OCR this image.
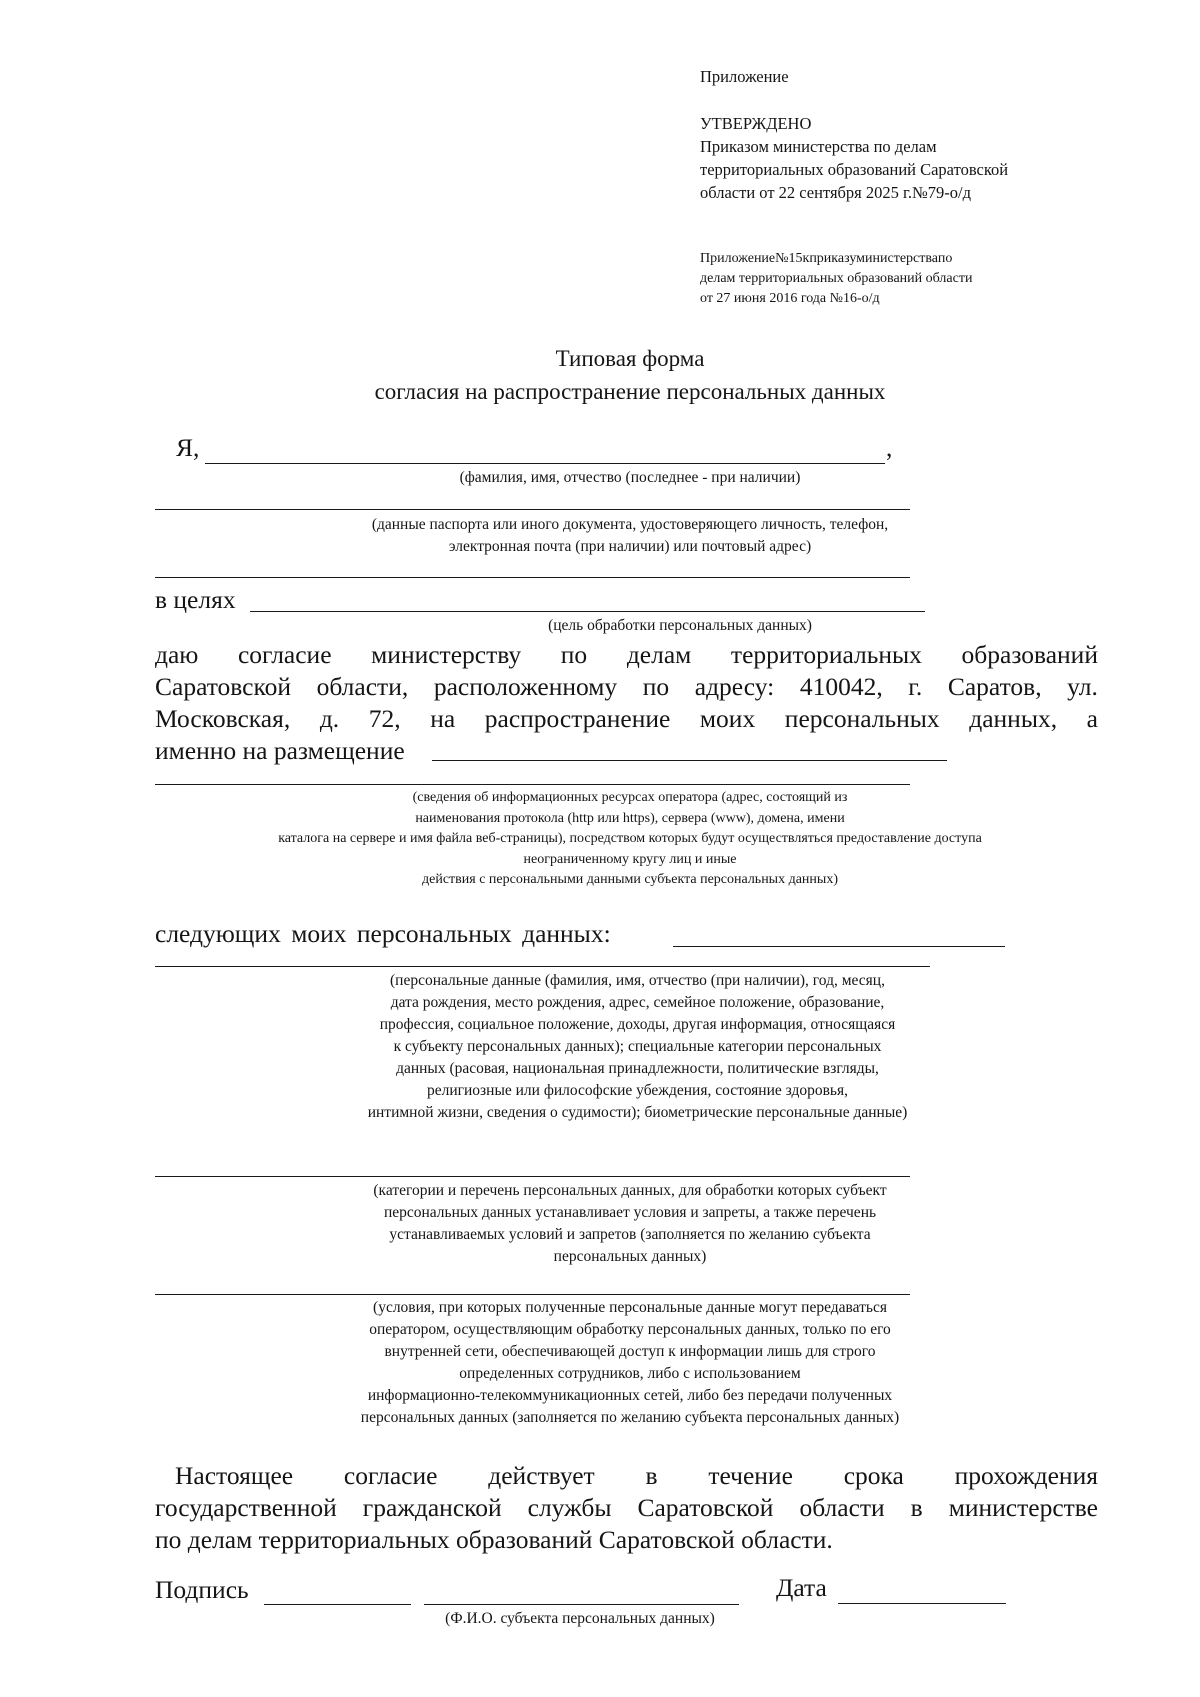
Приложение
УТВЕРЖДЕНО
Приказом министерства по делам
территориальных образований Саратовской
области от 22 сентября 2025 г.№79-о/д
Приложение№15кприказуминистерствапо
делам территориальных образований области
от 27 июня 2016 года №16-о/д
Типовая форма
согласия на распространение персональных данных
Я,	,
(фамилия, имя, отчество (последнее - при наличии)
(данные паспорта или иного документа, удостоверяющего личность, телефон,
электронная почта (при наличии) или почтовый адрес)
в целях
(цель обработки персональных данных)
даю согласие министерству по делам территориальных образований
Саратовской области, расположенному по адресу: 410042, г. Саратов, ул.
Московская, д. 72, на распространение моих персональных данных, а
именно на размещение
(сведения об информационных ресурсах оператора (адрес, состоящий из
наименования протокола (http или https), сервера (www), домена, имени
каталога на сервере и имя файла веб-страницы), посредством которых будут осуществляться предоставление доступа
неограниченному кругу лиц и иные
действия с персональными данными субъекта персональных данных)
следующих моих персональных данных:
(персональные данные (фамилия, имя, отчество (при наличии), год, месяц,
дата рождения, место рождения, адрес, семейное положение, образование,
профессия, социальное положение, доходы, другая информация, относящаяся
к субъекту персональных данных); специальные категории персональных
данных (расовая, национальная принадлежности, политические взгляды,
религиозные или философские убеждения, состояние здоровья,
интимной жизни, сведения о судимости); биометрические персональные данные)
(категории и перечень персональных данных, для обработки которых субъект
персональных данных устанавливает условия и запреты, а также перечень
устанавливаемых условий и запретов (заполняется по желанию субъекта
персональных данных)
(условия, при которых полученные персональные данные могут передаваться
оператором, осуществляющим обработку персональных данных, только по его
внутренней сети, обеспечивающей доступ к информации лишь для строго
определенных сотрудников, либо с использованием
информационно-телекоммуникационных сетей, либо без передачи полученных
персональных данных (заполняется по желанию субъекта персональных данных)
Настоящее согласие действует в течение срока прохождения
государственной гражданской службы Саратовской области в министерстве
по делам территориальных образований Саратовской области.
Подпись	Дата
(Ф.И.О. субъекта персональных данных)
